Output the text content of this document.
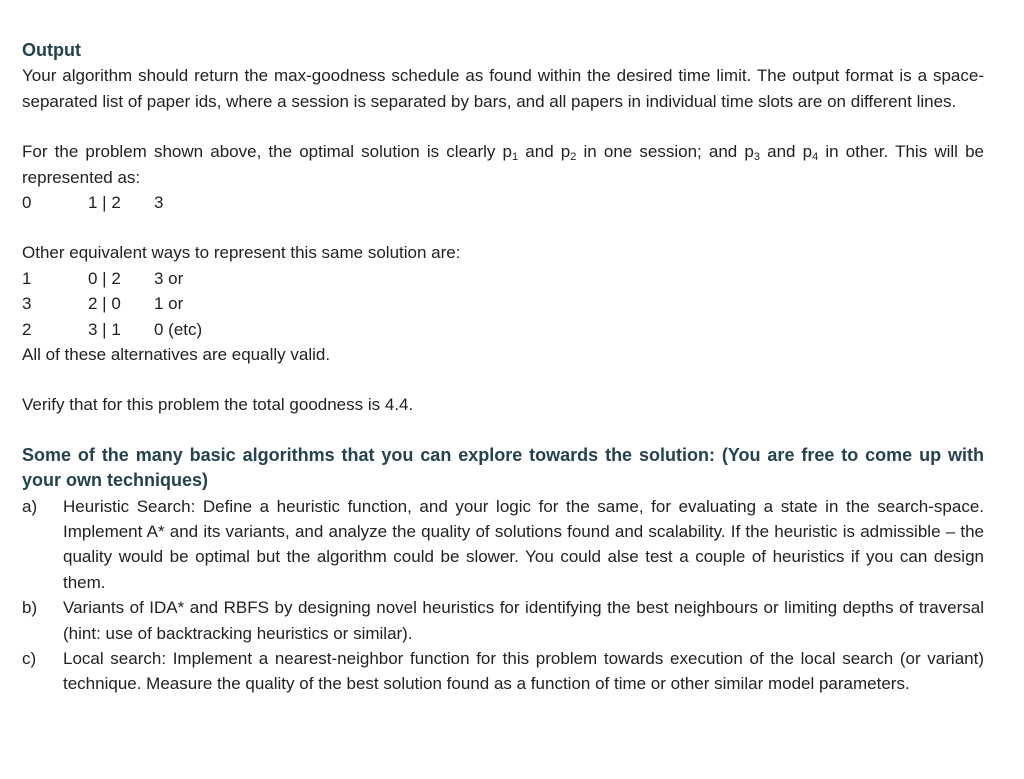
Output

Your algorithm should return the max-goodness schedule as found within the desired time limit. The output format is a space-separated list of paper ids, where a session is separated by bars, and all papers in individual time slots are on different lines.

For the problem shown above, the optimal solution is clearly $p_1$ and $p_2$ in one session; and $p_3$ and $p_4$ in other. This will be represented as:

0	1 | 2	3

Other equivalent ways to represent this same solution are:

1	0 | 2	3 or
3	2 | 0	1 or
2	3 | 1	0 (etc)

All of these alternatives are equally valid.

Verify that for this problem the total goodness is 4.4.

Some of the many basic algorithms that you can explore towards the solution: (You are free to come up with your own techniques)
a)	Heuristic Search: Define a heuristic function, and your logic for the same, for evaluating a state in the search-space. Implement A* and its variants, and analyze the quality of solutions found and scalability. If the heuristic is admissible – the quality would be optimal but the algorithm could be slower. You could alse test a couple of heuristics if you can design them.
b)	Variants of IDA* and RBFS by designing novel heuristics for identifying the best neighbours or limiting depths of traversal (hint: use of backtracking heuristics or similar).
c)	Local search: Implement a nearest-neighbor function for this problem towards execution of the local search (or variant) technique. Measure the quality of the best solution found as a function of time or other similar model parameters.
